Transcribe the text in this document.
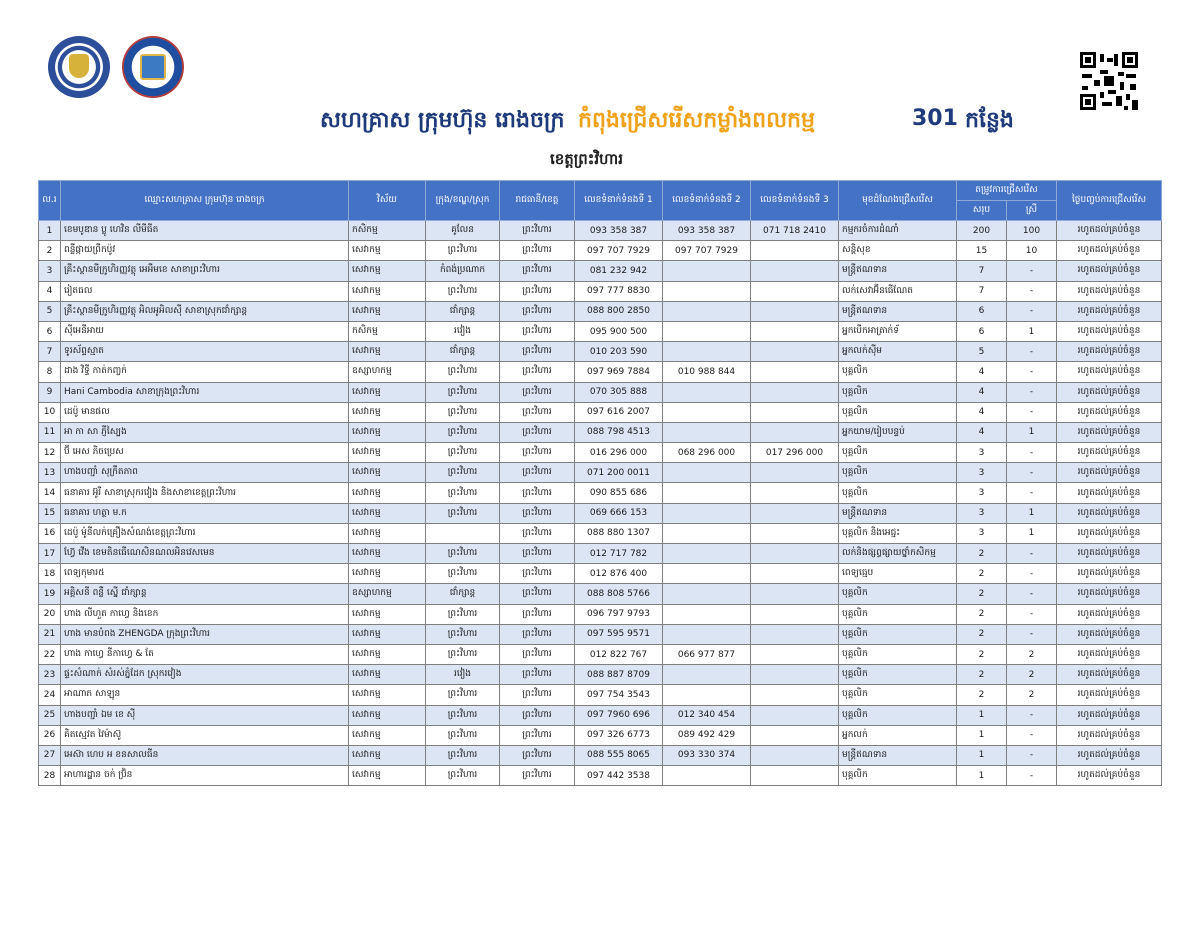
សហគ្រាស ក្រុមហ៊ុន រោងចក្រ កំពុងជ្រើសរើសកម្លាំងពលកម្ម	301 កន្លែង
ខេត្តព្រះវិហារ
ល.រ	ឈ្មោះសហគ្រាស ក្រុមហ៊ុន រោងចក្រ	វិស័យ	ក្រុង/ខណ្ឌ/ស្រុក	រាជធានី/ខេត្ត	លេខទំនាក់ទំនងទី 1	លេខទំនាក់ទំនងទី 2	លេខទំនាក់ទំនងទី 3	មុខដំណែងជ្រើសរើស	តម្រូវការជ្រើសរើស		ថ្ងៃបញ្ចប់ការជ្រើសរើស
									សរុប	ស្រី	
1	ខេមបូឌាន ប្លូ ហេវិន លីមីធីត	កសិកម្ម	គូលែន	ព្រះវិហារ	093 358 387	093 358 387	071 718 2410	កម្មករចំការដំណាំ	200	100	រហូតដល់គ្រប់ចំនួន
2	ពន្លឺផ្កាយព្រឹកប៉ូវ	សេវាកម្ម	ព្រះវិហារ	ព្រះវិហារ	097 707 7929	097 707 7929		សន្តិសុខ	15	10	រហូតដល់គ្រប់ចំនួន
3	គ្រឹះស្ថានមីក្រូហិរញ្ញវត្ថុ អេអឹមខេ សាខាព្រះវិហារ	សេវាកម្ម	កំពង់ប្រណាក	ព្រះវិហារ	081 232 942			មន្រ្តីឥណទាន	7	-	រហូតដល់គ្រប់ចំនួន
4	រៀតធល	សេវាកម្ម	ព្រះវិហារ	ព្រះវិហារ	097 777 8830			លក់សេវាអ៊ីនធើណែត	7	-	រហូតដល់គ្រប់ចំនួន
5	គ្រឹះស្ថានមីក្រូហិរញ្ញវត្ថុ អិលអូអិលស៊ី សាខាស្រុកជាំក្សាន្ត	សេវាកម្ម	ជាំក្សាន្ត	ព្រះវិហារ	088 800 2850			មន្រ្តីឥណទាន	6	-	រហូតដល់គ្រប់ចំនួន
6	ស៊ីអេនីអាយ	កសិកម្ម	រវៀង	ព្រះវិហារ	095 900 500			អ្នកបើកអាត្រាក់ទ័	6	1	រហូតដល់គ្រប់ចំនួន
7	ទូរស័ព្ទស្មាត	សេវាកម្ម	ជាំក្សាន្ត	ព្រះវិហារ	010 203 590			អ្នកលក់ស៊ីម	5	-	រហូតដល់គ្រប់ចំនួន
8	ដាង វិទ្ធី កាត់កញ្ចក់	ឧស្សាហកម្ម	ព្រះវិហារ	ព្រះវិហារ	097 969 7884	010 988 844		បុគ្គលិក	4	-	រហូតដល់គ្រប់ចំនួន
9	Hani Cambodia សាខាក្រុងព្រះវិហារ	សេវាកម្ម	ព្រះវិហារ	ព្រះវិហារ	070 305 888			បុគ្គលិក	4	-	រហូតដល់គ្រប់ចំនួន
10	ដេប៉ូ មានផល	សេវាកម្ម	ព្រះវិហារ	ព្រះវិហារ	097 616 2007			បុគ្គលិក	4	-	រហូតដល់គ្រប់ចំនួន
11	អា កា សា ភ្ញីស្បៃង	សេវាកម្ម	ព្រះវិហារ	ព្រះវិហារ	088 798 4513			អ្នកយាម/រៀបបន្ទប់	4	1	រហូតដល់គ្រប់ចំនួន
12	ប៊ី អេស ភិចប្រេស	សេវាកម្ម	ព្រះវិហារ	ព្រះវិហារ	016 296 000	068 296 000	017 296 000	បុគ្គលិក	3	-	រហូតដល់គ្រប់ចំនួន
13	ហាងបញ្ជាំ សុក្រឹតភាព	សេវាកម្ម	ព្រះវិហារ	ព្រះវិហារ	071 200 0011			បុគ្គលិក	3	-	រហូតដល់គ្រប់ចំនួន
14	ធនាគារ អ៊ូរី សាខាស្រុករវៀង និងសាខាខេត្តព្រះវិហារ	សេវាកម្ម	ព្រះវិហារ	ព្រះវិហារ	090 855 686			បុគ្គលិក	3	-	រហូតដល់គ្រប់ចំនួន
15	ធនាគារ ហត្ថា ម.ក	សេវាកម្ម	ព្រះវិហារ	ព្រះវិហារ	069 666 153			មន្ត្រីឥណទាន	3	1	រហូតដល់គ្រប់ចំនួន
16	ដេប៉ូ ម៉ូនីលក់គ្រឿងសំណង់ខេត្តព្រះវិហារ	សេវាកម្ម		ព្រះវិហារ	088 880 1307			បុគ្គលិក និងអេជ្ជះ	3	1	រហូតដល់គ្រប់ចំនួន
17	ហ្វ៊ែ វើង ខេមតិនធើណេសិនណលអិនវេសមេន	សេវាកម្ម	ព្រះវិហារ	ព្រះវិហារ	012 717 782			លក់និងផ្សព្វផ្សាយថ្នាំកសិកម្ម	2	-	រហូតដល់គ្រប់ចំនួន
18	ពេទ្យកុមារ៥	សេវាកម្ម	ព្រះវិហារ	ព្រះវិហារ	012 876 400			ពេទ្យធ្មេប	2	-	រហូតដល់គ្រប់ចំនួន
19	អគ្គិសនី ពន្លឺ ស្នើ ជាំក្សាន្ត	ឧស្សាហកម្ម	ជាំក្សាន្ត	ព្រះវិហារ	088 808 5766			បុគ្គលិក	2	-	រហូតដល់គ្រប់ចំនួន
20	ហាង លីហួត កាហ្វេ និងខេក	សេវាកម្ម	ព្រះវិហារ	ព្រះវិហារ	096 797 9793			បុគ្គលិក	2	-	រហូតដល់គ្រប់ចំនួន
21	ហាង មានបំពង ZHENGDA ក្រុងព្រះវិហារ	សេវាកម្ម	ព្រះវិហារ	ព្រះវិហារ	097 595 9571			បុគ្គលិក	2	-	រហូតដល់គ្រប់ចំនួន
22	ហាង កាហ្វេ នីកាហ្វេ & តែ	សេវាកម្ម	ព្រះវិហារ	ព្រះវិហារ	012 822 767	066 977 877		បុគ្គលិក	2	2	រហូតដល់គ្រប់ចំនួន
23	ផ្ទះសំណាក់ សំរស់ភ្នំដែក ស្រុករវៀង	សេវាកម្ម	រវៀង	ព្រះវិហារ	088 887 8709			បុគ្គលិក	2	2	រហូតដល់គ្រប់ចំនួន
24	អាណាភ សាឡុន	សេវាកម្ម	ព្រះវិហារ	ព្រះវិហារ	097 754 3543			បុគ្គលិក	2	2	រហូតដល់គ្រប់ចំនួន
25	ហាងបញ្ជាំ ឯម ខេ ស៊ី	សេវាកម្ម	ព្រះវិហារ	ព្រះវិហារ	097 7960 696	012 340 454		បុគ្គលិក	1	-	រហូតដល់គ្រប់ចំនួន
26	គិតស្មេវត វៃម៉ាស៊ូ	សេវាកម្ម	ព្រះវិហារ	ព្រះវិហារ	097 326 6773	089 492 429		អ្នកលក់	1	-	រហូតដល់គ្រប់ចំនួន
27	អេស៊ា ហេប អ ខនសាលធីន	សេវាកម្ម	ព្រះវិហារ	ព្រះវិហារ	088 555 8065	093 330 374		មន្ត្រីឥណទាន	1	-	រហូតដល់គ្រប់ចំនួន
28	អាហារដ្ឋាន ចក់ ប្រ៊ិន	សេវាកម្ម	ព្រះវិហារ	ព្រះវិហារ	097 442 3538			បុគ្គលិក	1	-	រហូតដល់គ្រប់ចំនួន
